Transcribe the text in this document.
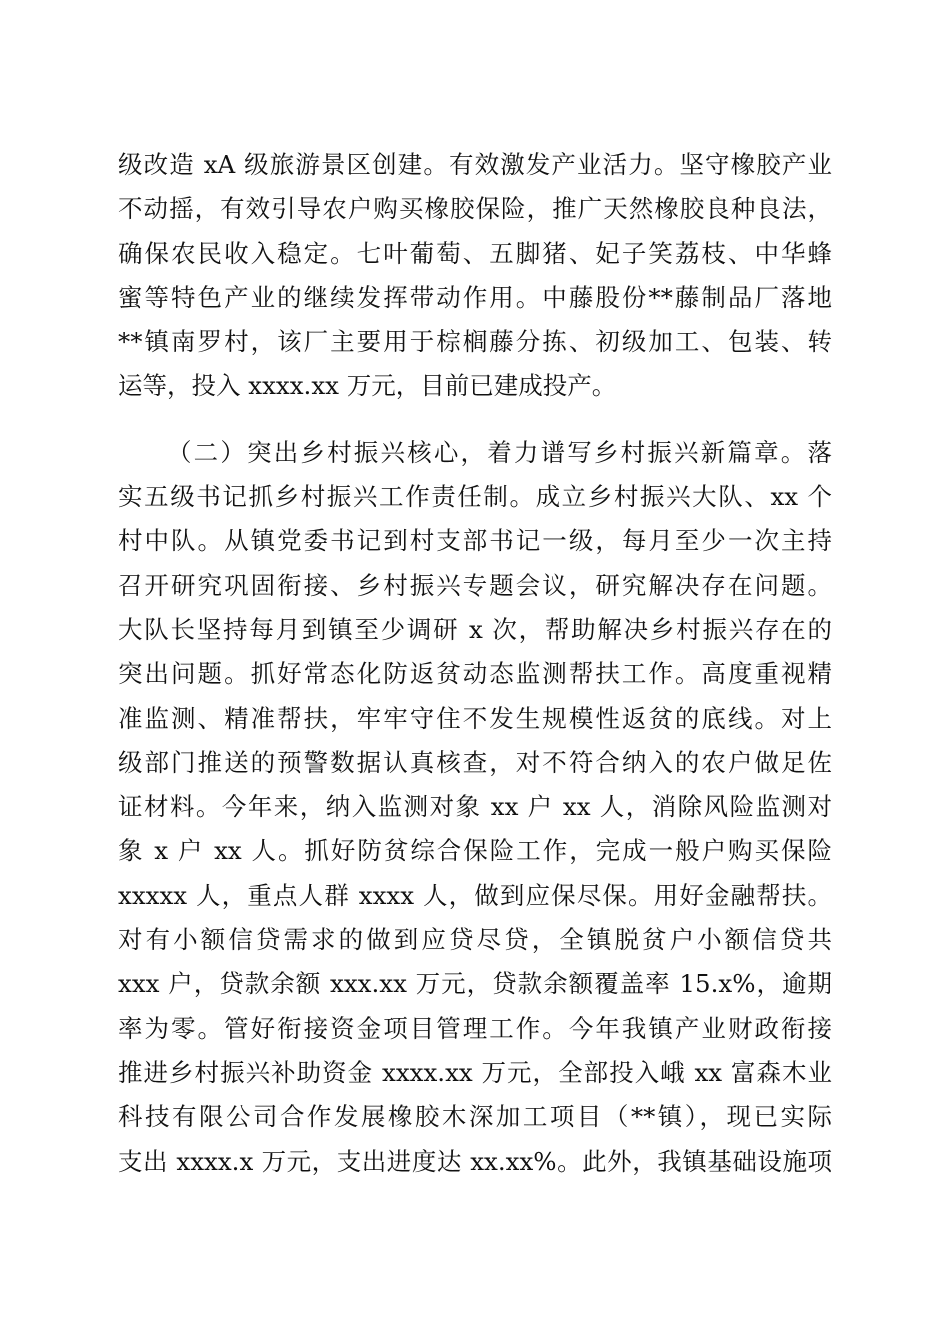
级改造 xA 级旅游景区创建。有效激发产业活力。坚守橡胶产业
不动摇，有效引导农户购买橡胶保险，推广天然橡胶良种良法，
确保农民收入稳定。七叶葡萄、五脚猪、妃子笑荔枝、中华蜂
蜜等特色产业的继续发挥带动作用。中藤股份**藤制品厂落地
**镇南罗村，该厂主要用于棕榈藤分拣、初级加工、包装、转
运等，投入 xxxx.xx 万元，目前已建成投产。
（二）突出乡村振兴核心，着力谱写乡村振兴新篇章。落
实五级书记抓乡村振兴工作责任制。成立乡村振兴大队、xx 个
村中队。从镇党委书记到村支部书记一级，每月至少一次主持
召开研究巩固衔接、乡村振兴专题会议，研究解决存在问题。
大队长坚持每月到镇至少调研 x 次，帮助解决乡村振兴存在的
突出问题。抓好常态化防返贫动态监测帮扶工作。高度重视精
准监测、精准帮扶，牢牢守住不发生规模性返贫的底线。对上
级部门推送的预警数据认真核查，对不符合纳入的农户做足佐
证材料。今年来，纳入监测对象 xx 户 xx 人，消除风险监测对
象 x 户 xx 人。抓好防贫综合保险工作，完成一般户购买保险
xxxxx 人，重点人群 xxxx 人，做到应保尽保。用好金融帮扶。
对有小额信贷需求的做到应贷尽贷，全镇脱贫户小额信贷共
xxx 户，贷款余额 xxx.xx 万元，贷款余额覆盖率 15.x%，逾期
率为零。管好衔接资金项目管理工作。今年我镇产业财政衔接
推进乡村振兴补助资金 xxxx.xx 万元，全部投入峨 xx 富森木业
科技有限公司合作发展橡胶木深加工项目（**镇），现已实际
支出 xxxx.x 万元，支出进度达 xx.xx%。此外，我镇基础设施项
